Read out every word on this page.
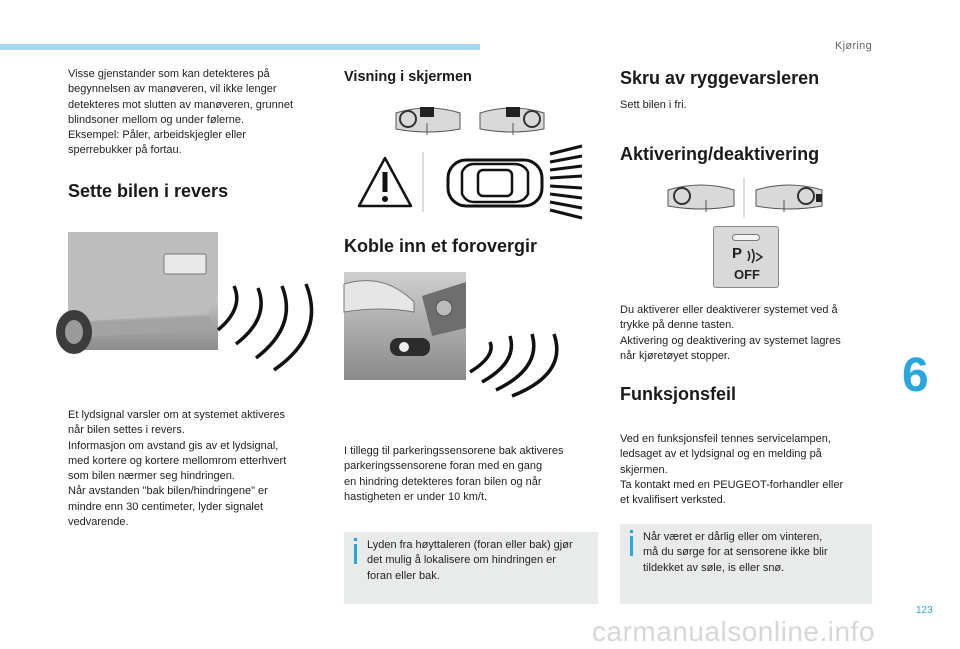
Kjøring
Visse gjenstander som kan detekteres på
begynnelsen av manøveren, vil ikke lenger
detekteres mot slutten av manøveren, grunnet
blindsoner mellom og under følerne.
Eksempel: Påler, arbeidskjegler eller
sperrebukker på fortau.
Sette bilen i revers
Et lydsignal varsler om at systemet aktiveres
når bilen settes i revers.
Informasjon om avstand gis av et lydsignal,
med kortere og kortere mellomrom etterhvert
som bilen nærmer seg hindringen.
Når avstanden "bak bilen/hindringene" er
mindre enn 30 centimeter, lyder signalet
vedvarende.
Visning i skjermen
Koble inn et forovergir
I tillegg til parkeringssensorene bak aktiveres
parkeringssensorene foran med en gang
en hindring detekteres foran bilen og når
hastigheten er under 10 km/t.
Lyden fra høyttaleren (foran eller bak) gjør
det mulig å lokalisere om hindringen er
foran eller bak.
Skru av ryggevarsleren
Sett bilen i fri.
Aktivering/deaktivering
P
OFF
Du aktiverer eller deaktiverer systemet ved å
trykke på denne tasten.
Aktivering og deaktivering av systemet lagres
når kjøretøyet stopper.
Funksjonsfeil
Ved en funksjonsfeil tennes servicelampen,
ledsaget av et lydsignal og en melding på
skjermen.
Ta kontakt med en PEUGEOT-forhandler eller
et kvalifisert verksted.
Når været er dårlig eller om vinteren,
må du sørge for at sensorene ikke blir
tildekket av søle, is eller snø.
6
123
carmanualsonline.info
